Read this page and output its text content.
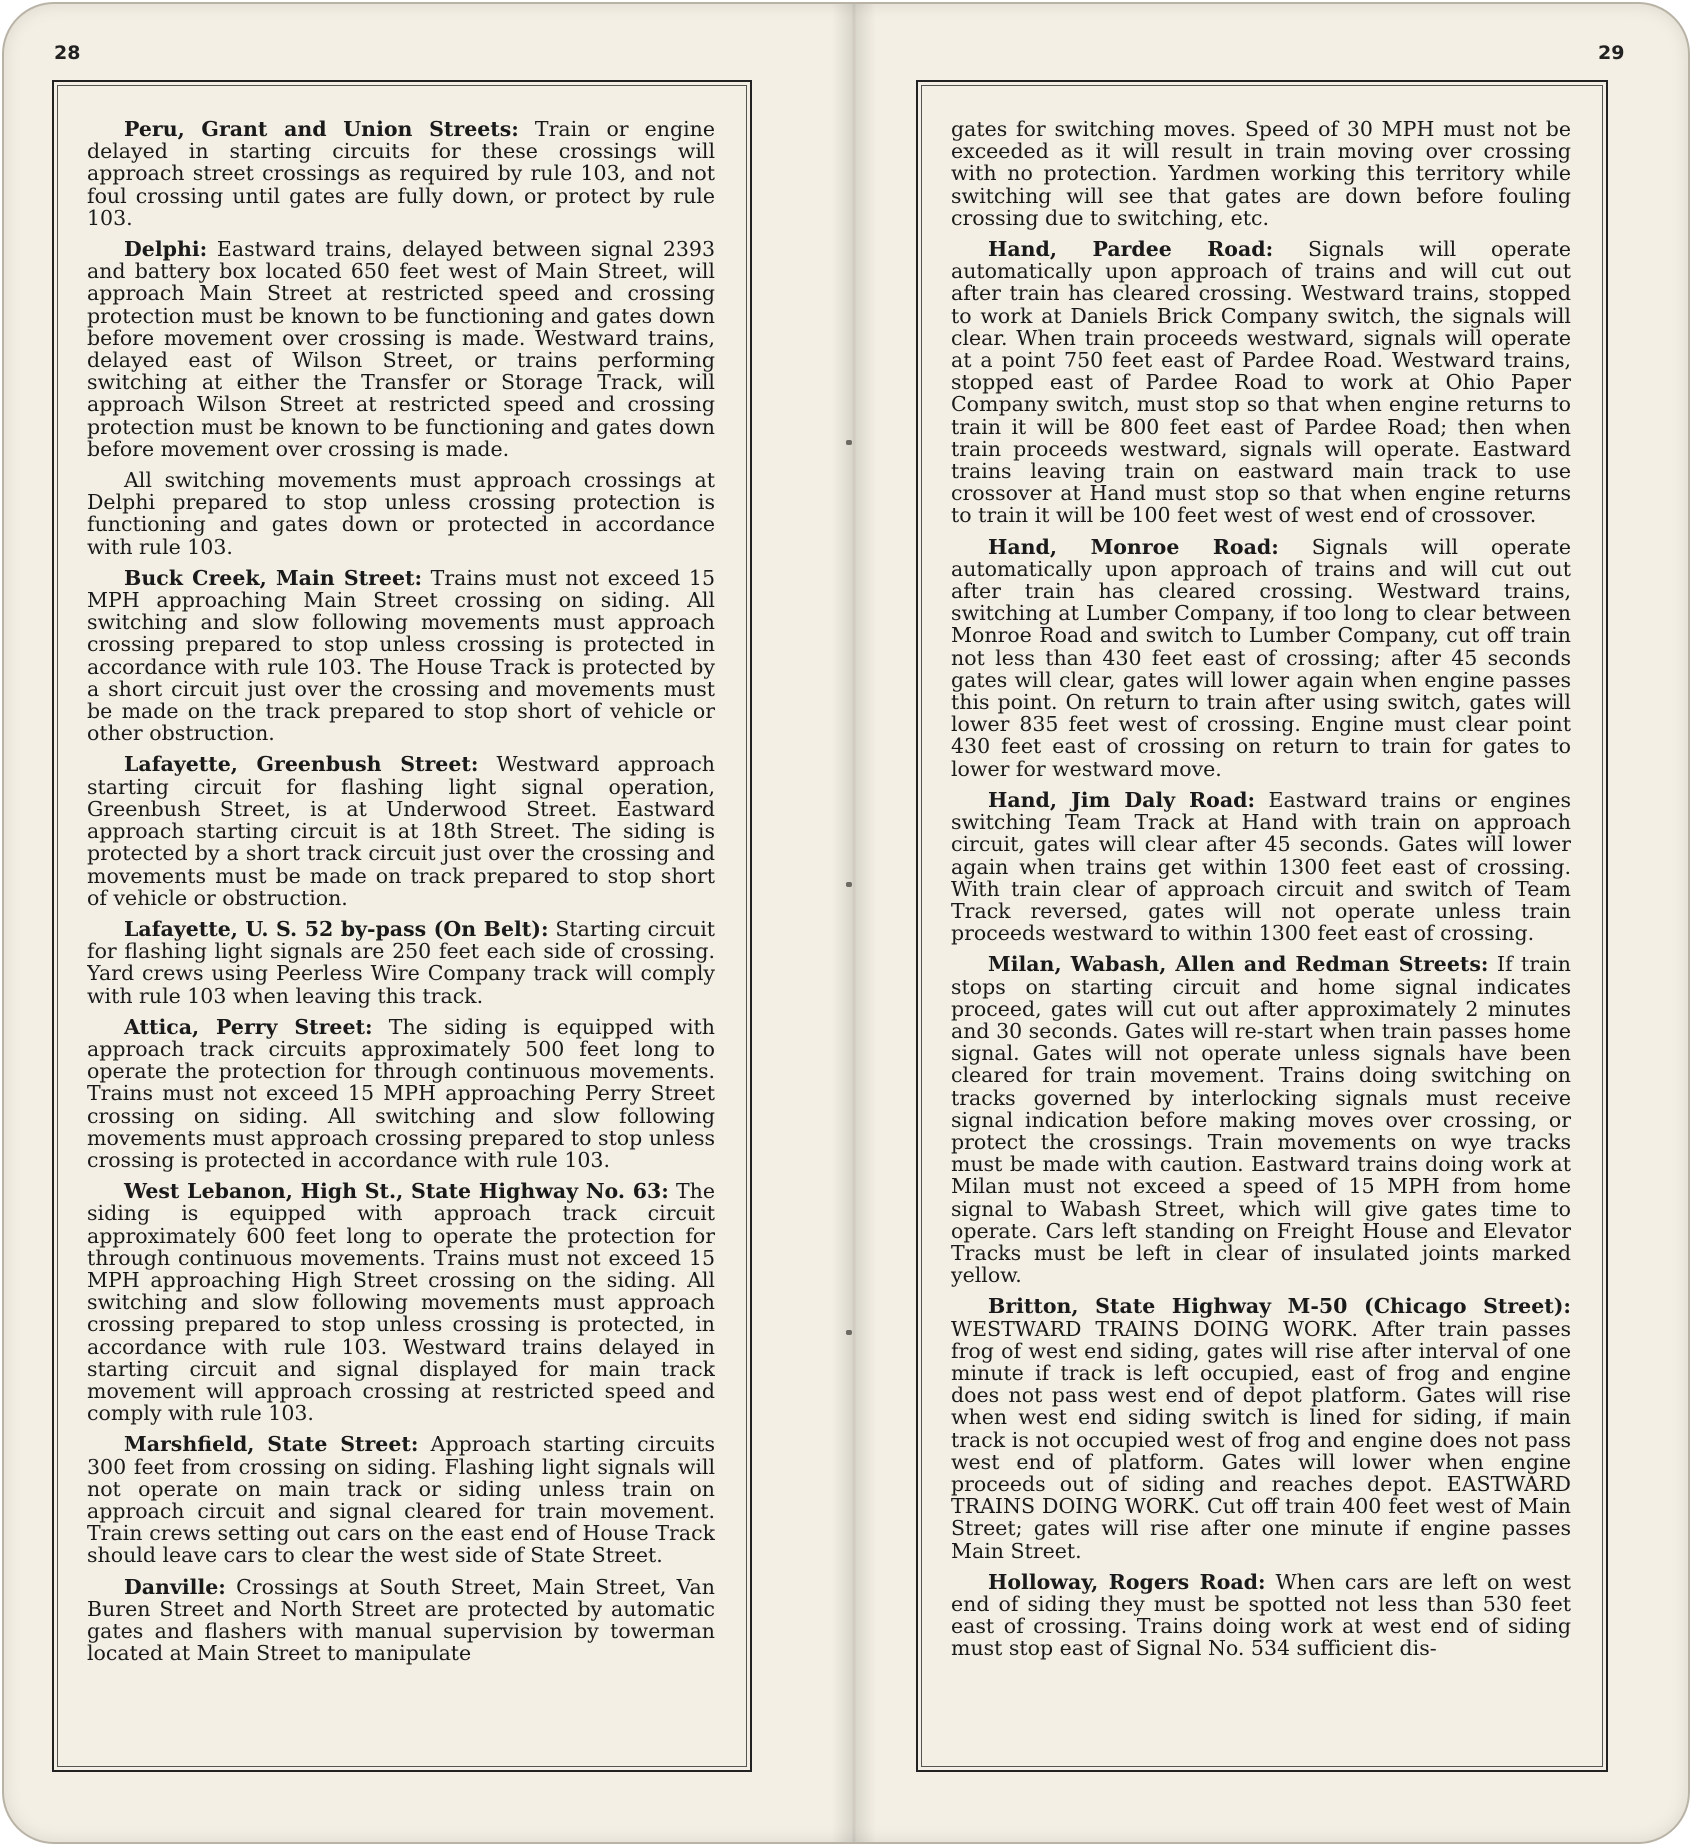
28	29

Peru, Grant and Union Streets: Train or engine delayed in starting circuits for these crossings will approach street crossings as required by rule 103, and not foul crossing until gates are fully down, or protect by rule 103.

Delphi: Eastward trains, delayed between signal 2393 and battery box located 650 feet west of Main Street, will approach Main Street at restricted speed and crossing protection must be known to be functioning and gates down before movement over crossing is made. Westward trains, delayed east of Wilson Street, or trains performing switching at either the Transfer or Storage Track, will approach Wilson Street at restricted speed and crossing protection must be known to be functioning and gates down before movement over crossing is made.

All switching movements must approach crossings at Delphi prepared to stop unless crossing protection is functioning and gates down or protected in accordance with rule 103.

Buck Creek, Main Street: Trains must not exceed 15 MPH approaching Main Street crossing on siding. All switching and slow following movements must approach crossing prepared to stop unless crossing is protected in accordance with rule 103. The House Track is protected by a short circuit just over the crossing and movements must be made on the track prepared to stop short of vehicle or other obstruction.

Lafayette, Greenbush Street: Westward approach starting circuit for flashing light signal operation, Greenbush Street, is at Underwood Street. Eastward approach starting circuit is at 18th Street. The siding is protected by a short track circuit just over the crossing and movements must be made on track prepared to stop short of vehicle or obstruction.

Lafayette, U. S. 52 by-pass (On Belt): Starting circuit for flashing light signals are 250 feet each side of crossing. Yard crews using Peerless Wire Company track will comply with rule 103 when leaving this track.

Attica, Perry Street: The siding is equipped with approach track circuits approximately 500 feet long to operate the protection for through continuous movements. Trains must not exceed 15 MPH approaching Perry Street crossing on siding. All switching and slow following movements must approach crossing prepared to stop unless crossing is protected in accordance with rule 103.

West Lebanon, High St., State Highway No. 63: The siding is equipped with approach track circuit approximately 600 feet long to operate the protection for through continuous movements. Trains must not exceed 15 MPH approaching High Street crossing on the siding. All switching and slow following movements must approach crossing prepared to stop unless crossing is protected, in accordance with rule 103. Westward trains delayed in starting circuit and signal displayed for main track movement will approach crossing at restricted speed and comply with rule 103.

Marshfield, State Street: Approach starting circuits 300 feet from crossing on siding. Flashing light signals will not operate on main track or siding unless train on approach circuit and signal cleared for train movement. Train crews setting out cars on the east end of House Track should leave cars to clear the west side of State Street.

Danville: Crossings at South Street, Main Street, Van Buren Street and North Street are protected by automatic gates and flashers with manual supervision by towerman located at Main Street to manipulate

gates for switching moves. Speed of 30 MPH must not be exceeded as it will result in train moving over crossing with no protection. Yardmen working this territory while switching will see that gates are down before fouling crossing due to switching, etc.

Hand, Pardee Road: Signals will operate automatically upon approach of trains and will cut out after train has cleared crossing. Westward trains, stopped to work at Daniels Brick Company switch, the signals will clear. When train proceeds westward, signals will operate at a point 750 feet east of Pardee Road. Westward trains, stopped east of Pardee Road to work at Ohio Paper Company switch, must stop so that when engine returns to train it will be 800 feet east of Pardee Road; then when train proceeds westward, signals will operate. Eastward trains leaving train on eastward main track to use crossover at Hand must stop so that when engine returns to train it will be 100 feet west of west end of crossover.

Hand, Monroe Road: Signals will operate automatically upon approach of trains and will cut out after train has cleared crossing. Westward trains, switching at Lumber Company, if too long to clear between Monroe Road and switch to Lumber Company, cut off train not less than 430 feet east of crossing; after 45 seconds gates will clear, gates will lower again when engine passes this point. On return to train after using switch, gates will lower 835 feet west of crossing. Engine must clear point 430 feet east of crossing on return to train for gates to lower for westward move.

Hand, Jim Daly Road: Eastward trains or engines switching Team Track at Hand with train on approach circuit, gates will clear after 45 seconds. Gates will lower again when trains get within 1300 feet east of crossing. With train clear of approach circuit and switch of Team Track reversed, gates will not operate unless train proceeds westward to within 1300 feet east of crossing.

Milan, Wabash, Allen and Redman Streets: If train stops on starting circuit and home signal indicates proceed, gates will cut out after approximately 2 minutes and 30 seconds. Gates will re-start when train passes home signal. Gates will not operate unless signals have been cleared for train movement. Trains doing switching on tracks governed by interlocking signals must receive signal indication before making moves over crossing, or protect the crossings. Train movements on wye tracks must be made with caution. Eastward trains doing work at Milan must not exceed a speed of 15 MPH from home signal to Wabash Street, which will give gates time to operate. Cars left standing on Freight House and Elevator Tracks must be left in clear of insulated joints marked yellow.

Britton, State Highway M-50 (Chicago Street): WESTWARD TRAINS DOING WORK. After train passes frog of west end siding, gates will rise after interval of one minute if track is left occupied, east of frog and engine does not pass west end of depot platform. Gates will rise when west end siding switch is lined for siding, if main track is not occupied west of frog and engine does not pass west end of platform. Gates will lower when engine proceeds out of siding and reaches depot. EASTWARD TRAINS DOING WORK. Cut off train 400 feet west of Main Street; gates will rise after one minute if engine passes Main Street.

Holloway, Rogers Road: When cars are left on west end of siding they must be spotted not less than 530 feet east of crossing. Trains doing work at west end of siding must stop east of Signal No. 534 sufficient dis-
